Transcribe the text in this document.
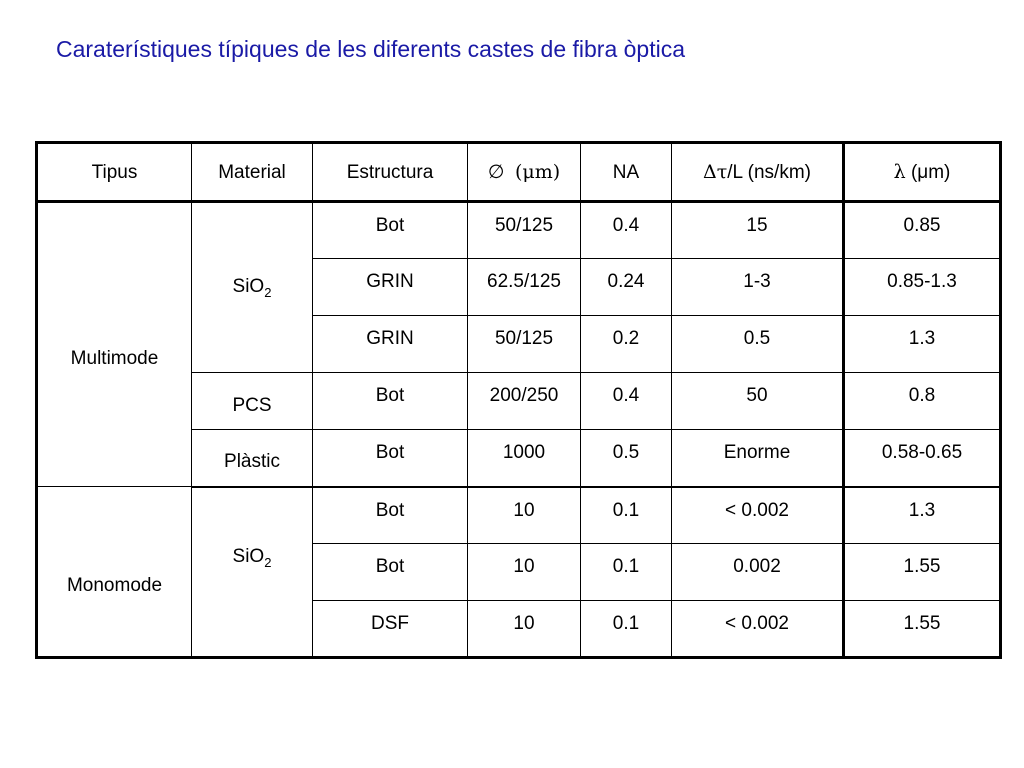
Caraterístiques típiques de les diferents castes de fibra òptica
Tipus	Material	Estructura	∅ (μm)	NA	Δτ/L (ns/km)	λ (μm)
Multimode	SiO$_2$	Bot	50/125	0.4	15	0.85
		GRIN	62.5/125	0.24	1-3	0.85-1.3
		GRIN	50/125	0.2	0.5	1.3
	PCS	Bot	200/250	0.4	50	0.8
	Plàstic	Bot	1000	0.5	Enorme	0.58-0.65
Monomode	SiO$_2$	Bot	10	0.1	< 0.002	1.3
		Bot	10	0.1	0.002	1.55
		DSF	10	0.1	< 0.002	1.55
